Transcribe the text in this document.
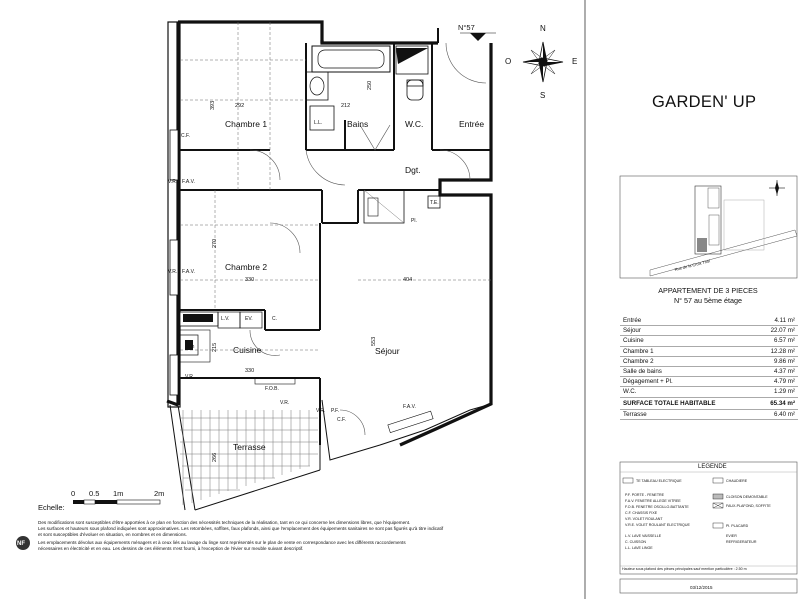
Chambre 1	Bains	W.C.	Entrée
Dgt.
Chambre 2
Cuisine	Séjour
Terrasse
292	212
393
250
270
330	404
553
330
215
266
C.F.
V.R. F.A.V.
V.R. F.A.V.
L.L.
T.E.
Pl.
L.V.	EV.	C.
Ch
F.O.B.
V.R.
V.R.
P.F.
C.F.
F.A.V.
V.R.
N°57	N
S
E
O
Echelle:
0 0.5 1m	2m
Rue de la Croix Thôl
NF
GARDEN' UP
APPARTEMENT DE 3 PIECES
N° 57 au 5ème étage
Entrée	4.11 m²
Séjour	22.07 m²
Cuisine	6.57 m²
Chambre 1	12.28 m²
Chambre 2	9.86 m²
Salle de bains	4.37 m²
Dégagement + Pl.	4.79 m²
W.C.	1.29 m²
SURFACE TOTALE HABITABLE	65.34 m²
Terrasse	6.40 m²
LEGENDE
TE TABLEAU ELECTRIQUE	CHAUDIERE
P.F. PORTE - FENETRE
F.A.V. FENETRE ALLEGE VITREE
CLOISON DEMONTABLE
F.O.B. FENETRE OSCILLO-BATTANTE
C.F. CHASSIS FIXE
FAUX-PLAFOND, SOFFITE
V.R. VOLET ROULANT
V.R.E. VOLET ROULANT ELECTRIQUE	Pl. PLACARD
L.V. LAVE VAISSELLE
C. CUISSON
L.L. LAVE LINGE
EVIER
REFRIGERATEUR
Hauteur sous plafond des pièces principales sauf mention particulière : 2.50 m
03/12/2015
Des modifications sont susceptibles d'être apportées à ce plan en fonction des nécessités techniques de la réalisation, tant en ce qui concerne les dimensions libres, que l'équipement.
Les surfaces et hauteurs sous plafond indiquées sont approximatives. Les retombées, soffites, faux plafonds, ainsi que l'emplacement des équipements sanitaires ne sont pas figurés qu'à titre indicatif
et sont susceptibles d'évoluer en situation, en nombres et en dimensions.
Les emplacements dévolus aux équipements ménagers et à ceux liés au lavage du linge sont représentés sur le plan de vente en correspondance avec les différents raccordements
nécessaires en électricité et en eau. Les dessins de ces éléments n'est fourni, à l'exception de l'évier sur meuble suivant descriptif.
